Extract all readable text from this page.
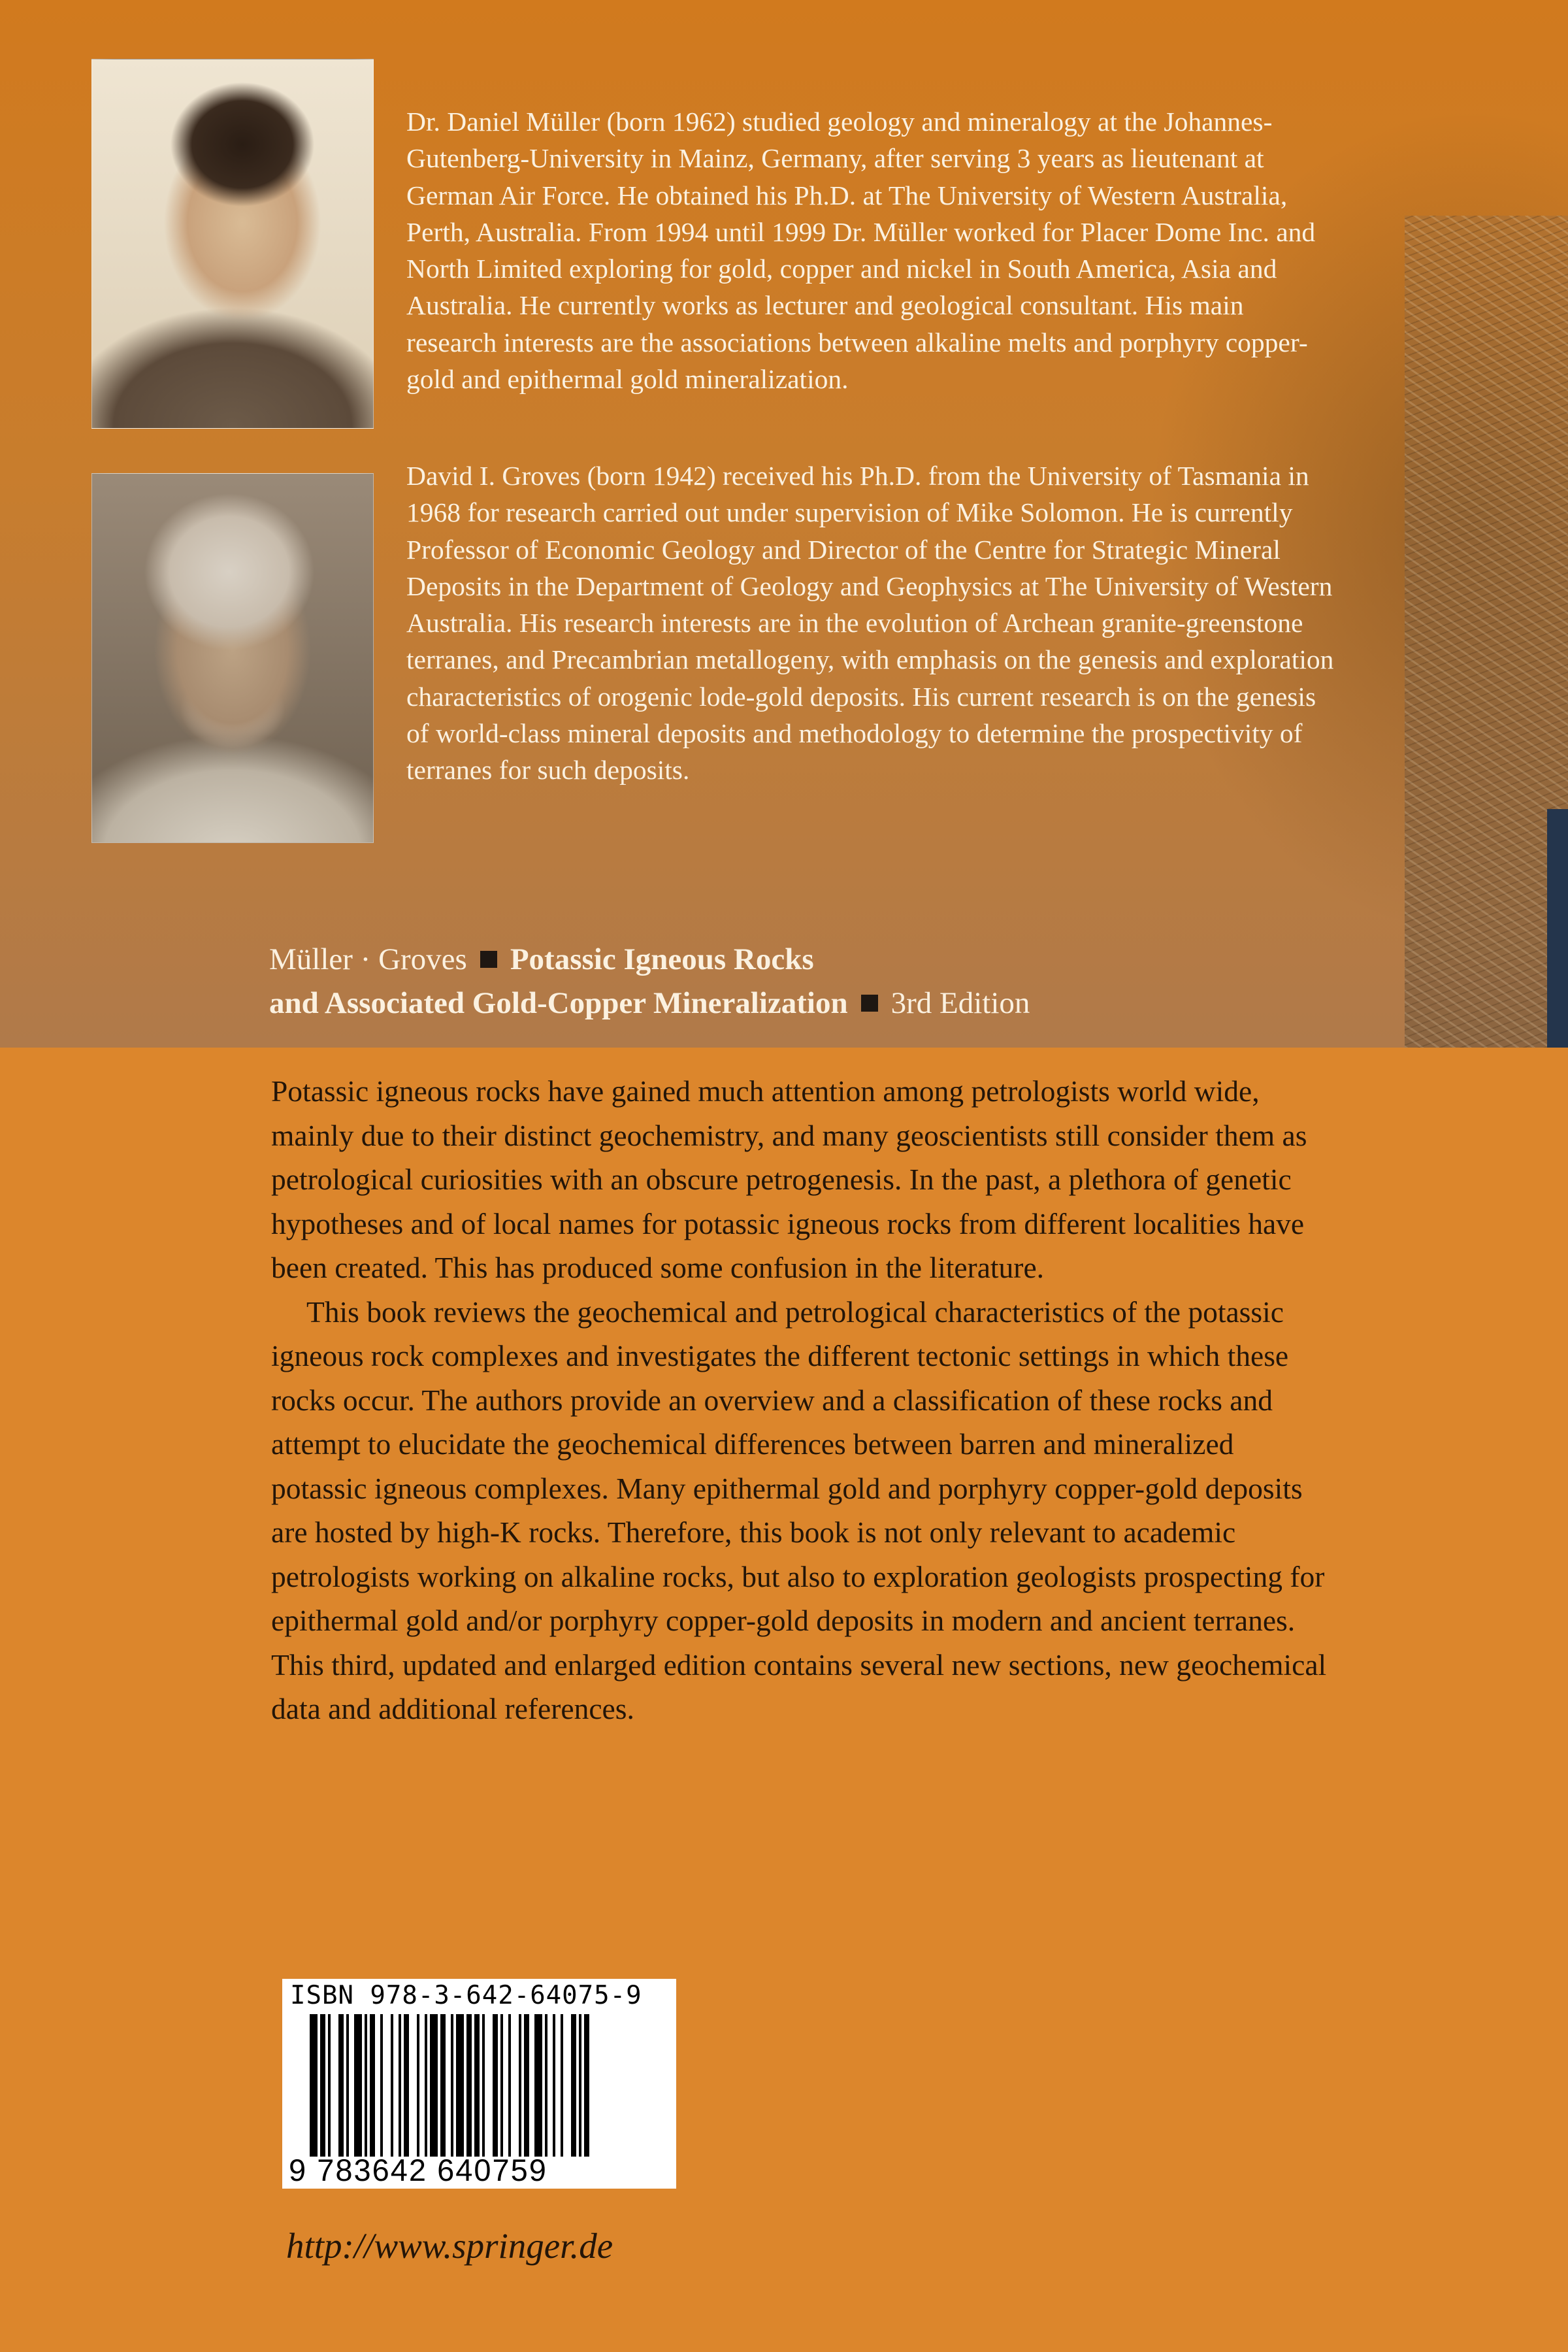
Dr. Daniel Müller (born 1962) studied geology and mineralogy at the Johannes-Gutenberg-University in Mainz, Germany, after serving 3 years as lieutenant at German Air Force. He obtained his Ph.D. at The University of Western Australia, Perth, Australia. From 1994 until 1999 Dr. Müller worked for Placer Dome Inc. and North Limited exploring for gold, copper and nickel in South America, Asia and Australia. He currently works as lecturer and geological consultant. His main research interests are the associations between alkaline melts and porphyry copper-gold and epithermal gold mineralization.

David I. Groves (born 1942) received his Ph.D. from the University of Tasmania in 1968 for research carried out under supervision of Mike Solomon. He is currently Professor of Economic Geology and Director of the Centre for Strategic Mineral Deposits in the Department of Geology and Geophysics at The University of Western Australia. His research interests are in the evolution of Archean granite-greenstone terranes, and Precambrian metallogeny, with emphasis on the genesis and exploration characteristics of orogenic lode-gold deposits. His current research is on the genesis of world-class mineral deposits and methodology to determine the prospectivity of terranes for such deposits.

Müller · Groves Potassic Igneous Rocks
and Associated Gold-Copper Mineralization 3rd Edition

Potassic igneous rocks have gained much attention among petrologists world wide, mainly due to their distinct geochemistry, and many geoscientists still consider them as petrological curiosities with an obscure petrogenesis. In the past, a plethora of genetic hypotheses and of local names for potassic igneous rocks from different localities have been created. This has produced some confusion in the literature.

This book reviews the geochemical and petrological characteristics of the potassic igneous rock complexes and investigates the different tectonic settings in which these rocks occur. The authors provide an overview and a classification of these rocks and attempt to elucidate the geochemical differences between barren and mineralized potassic igneous complexes. Many epithermal gold and porphyry copper-gold deposits are hosted by high-K rocks. Therefore, this book is not only relevant to academic petrologists working on alkaline rocks, but also to exploration geologists prospecting for epithermal gold and/or porphyry copper-gold deposits in modern and ancient terranes. This third, updated and enlarged edition contains several new sections, new geochemical data and additional references.

ISBN 978-3-642-64075-9
9 783642 640759
http://www.springer.de
